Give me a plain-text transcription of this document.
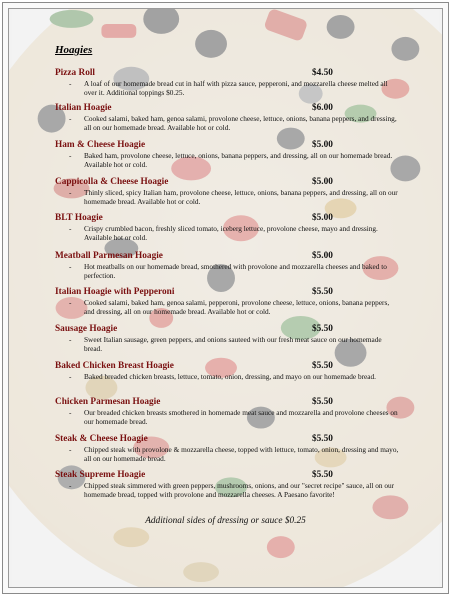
Hoagies
Pizza Roll	$4.50
- A loaf of our homemade bread cut in half with pizza sauce, pepperoni, and mozzarella cheese melted all over it. Additional toppings $0.25.
Italian Hoagie	$6.00
- Cooked salami, baked ham, genoa salami, provolone cheese, lettuce, onions, banana peppers, and dressing, all on our homemade bread. Available hot or cold.
Ham & Cheese Hoagie	$5.00
- Baked ham, provolone cheese, lettuce, onions, banana peppers, and dressing, all on our homemade bread. Available hot or cold.
Cappicolla & Cheese Hoagie	$5.00
- Thinly sliced, spicy Italian ham, provolone cheese, lettuce, onions, banana peppers, and dressing, all on our homemade bread. Available hot or cold.
BLT Hoagie	$5.00
- Crispy crumbled bacon, freshly sliced tomato, iceberg lettuce, provolone cheese, mayo and dressing. Available hot or cold.
Meatball Parmesan Hoagie	$5.00
- Hot meatballs on our homemade bread, smothered with provolone and mozzarella cheeses and baked to perfection.
Italian Hoagie with Pepperoni	$5.50
- Cooked salami, baked ham, genoa salami, pepperoni, provolone cheese, lettuce, onions, banana peppers, and dressing, all on our homemade bread. Available hot or cold.
Sausage Hoagie	$5.50
- Sweet Italian sausage, green peppers, and onions sauteed with our fresh meat sauce on our homemade bread.
Baked Chicken Breast Hoagie	$5.50
- Baked breaded chicken breasts, lettuce, tomato, onion, dressing, and mayo on our homemade bread.
Chicken Parmesan Hoagie	$5.50
- Our breaded chicken breasts smothered in homemade meat sauce and mozzarella and provolone cheeses on our homemade bread.
Steak & Cheese Hoagie	$5.50
- Chipped steak with provolone & mozzarella cheese, topped with lettuce, tomato, onion, dressing and mayo, all on our homemade bread.
Steak Supreme Hoagie	$5.50
- Chipped steak simmered with green peppers, mushrooms, onions, and our "secret recipe" sauce, all on our homemade bread, topped with provolone and mozzarella cheeses. A Paesano favorite!
Additional sides of dressing or sauce $0.25
